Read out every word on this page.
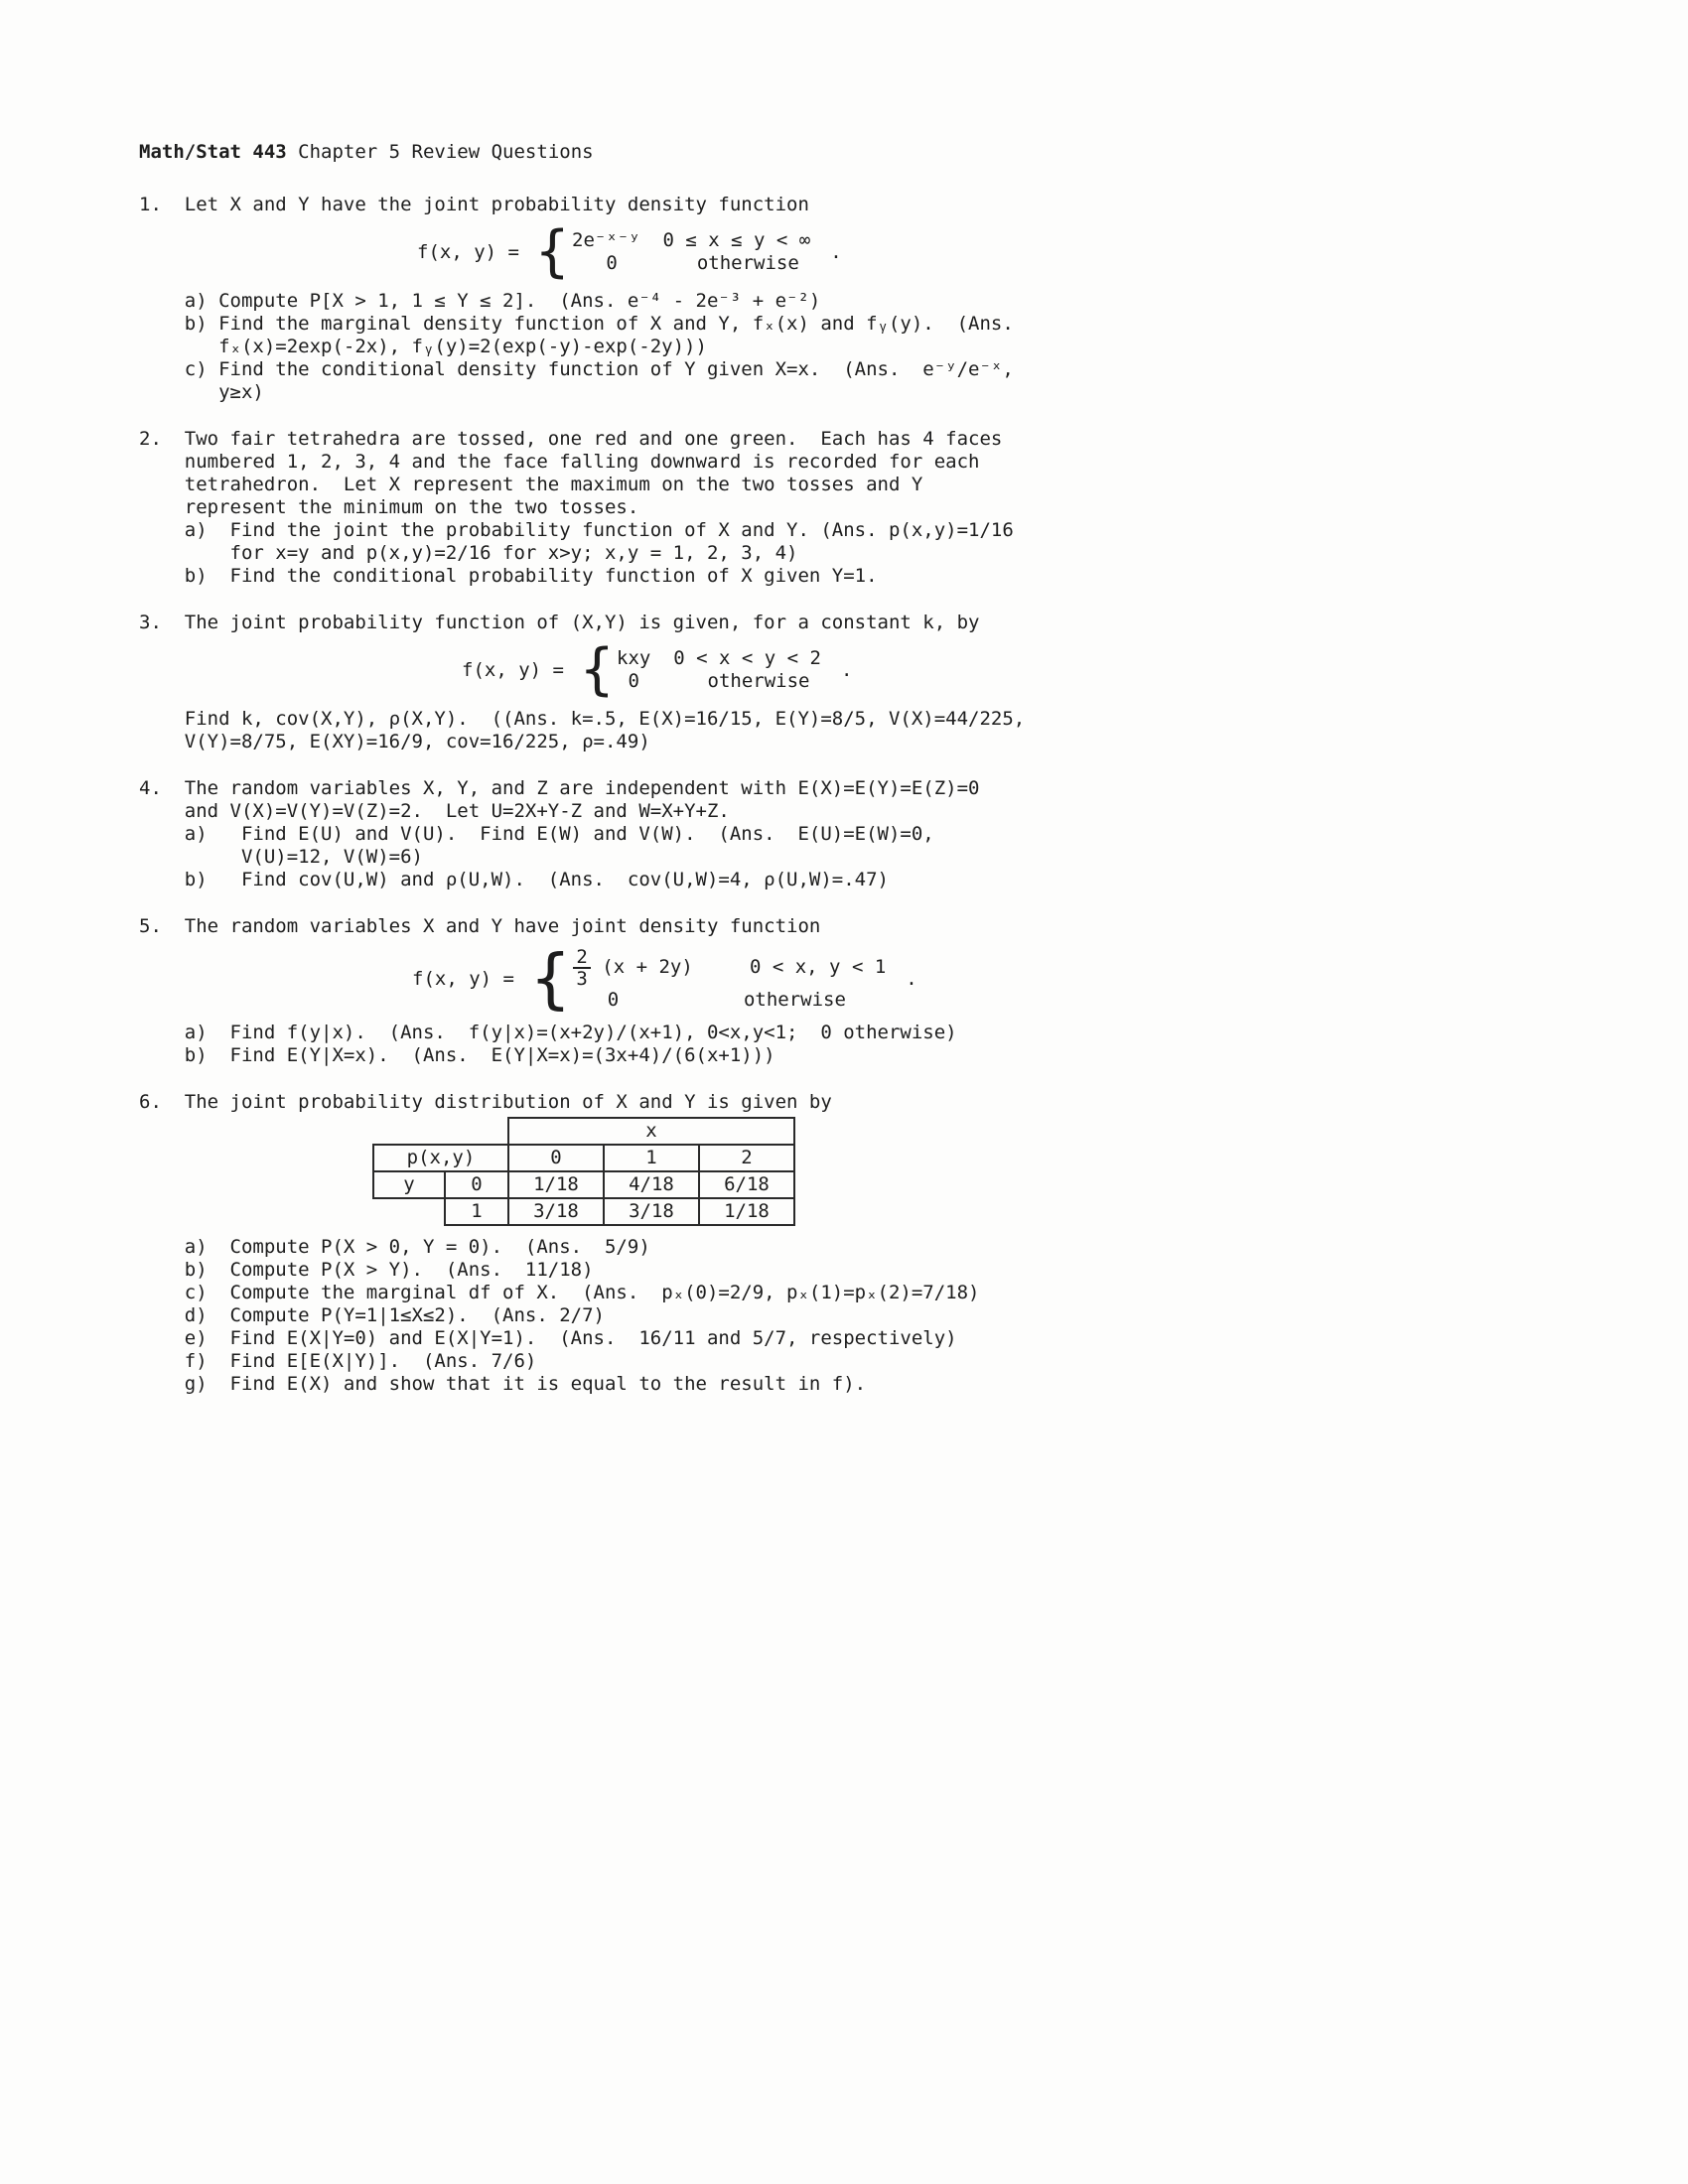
Math/Stat 443 Chapter 5 Review Questions
1.  Let X and Y have the joint probability density function
f(x, y) = { 2e⁻ˣ⁻ʸ  0 ≤ x ≤ y < ∞
0       otherwise
.
a) Compute P[X > 1, 1 ≤ Y ≤ 2].  (Ans. e⁻⁴ - 2e⁻³ + e⁻²)
b) Find the marginal density function of X and Y, fₓ(x) and fᵧ(y).  (Ans.
fₓ(x)=2exp(-2x), fᵧ(y)=2(exp(-y)-exp(-2y)))
c) Find the conditional density function of Y given X=x.  (Ans.  e⁻ʸ/e⁻ˣ,
y≥x)
2.  Two fair tetrahedra are tossed, one red and one green.  Each has 4 faces
numbered 1, 2, 3, 4 and the face falling downward is recorded for each
tetrahedron.  Let X represent the maximum on the two tosses and Y
represent the minimum on the two tosses.
a)  Find the joint the probability function of X and Y. (Ans. p(x,y)=1/16
for x=y and p(x,y)=2/16 for x>y; x,y = 1, 2, 3, 4)
b)  Find the conditional probability function of X given Y=1.
3.  The joint probability function of (X,Y) is given, for a constant k, by
f(x, y) = { kxy  0 < x < y < 2
0      otherwise
.
Find k, cov(X,Y), ρ(X,Y).  ((Ans. k=.5, E(X)=16/15, E(Y)=8/5, V(X)=44/225,
V(Y)=8/75, E(XY)=16/9, cov=16/225, ρ=.49)
4.  The random variables X, Y, and Z are independent with E(X)=E(Y)=E(Z)=0
and V(X)=V(Y)=V(Z)=2.  Let U=2X+Y-Z and W=X+Y+Z.
a)   Find E(U) and V(U).  Find E(W) and V(W).  (Ans.  E(U)=E(W)=0,
V(U)=12, V(W)=6)
b)   Find cov(U,W) and ρ(U,W).  (Ans.  cov(U,W)=4, ρ(U,W)=.47)
5.  The random variables X and Y have joint density function
f(x, y) = { $\frac{2}{3} (x + 2y)$     0 < x, y < 1
0           otherwise
.
a)  Find f(y|x).  (Ans.  f(y|x)=(x+2y)/(x+1), 0<x,y<1;  0 otherwise)
b)  Find E(Y|X=x).  (Ans.  E(Y|X=x)=(3x+4)/(6(x+1)))
6.  The joint probability distribution of X and Y is given by
		x		
p(x,y)		0	1	2
y	0	1/18	4/18	6/18
	1	3/18	3/18	1/18
a)  Compute P(X > 0, Y = 0).  (Ans.  5/9)
b)  Compute P(X > Y).  (Ans.  11/18)
c)  Compute the marginal df of X.  (Ans.  pₓ(0)=2/9, pₓ(1)=pₓ(2)=7/18)
d)  Compute P(Y=1|1≤X≤2).  (Ans. 2/7)
e)  Find E(X|Y=0) and E(X|Y=1).  (Ans.  16/11 and 5/7, respectively)
f)  Find E[E(X|Y)].  (Ans. 7/6)
g)  Find E(X) and show that it is equal to the result in f).
